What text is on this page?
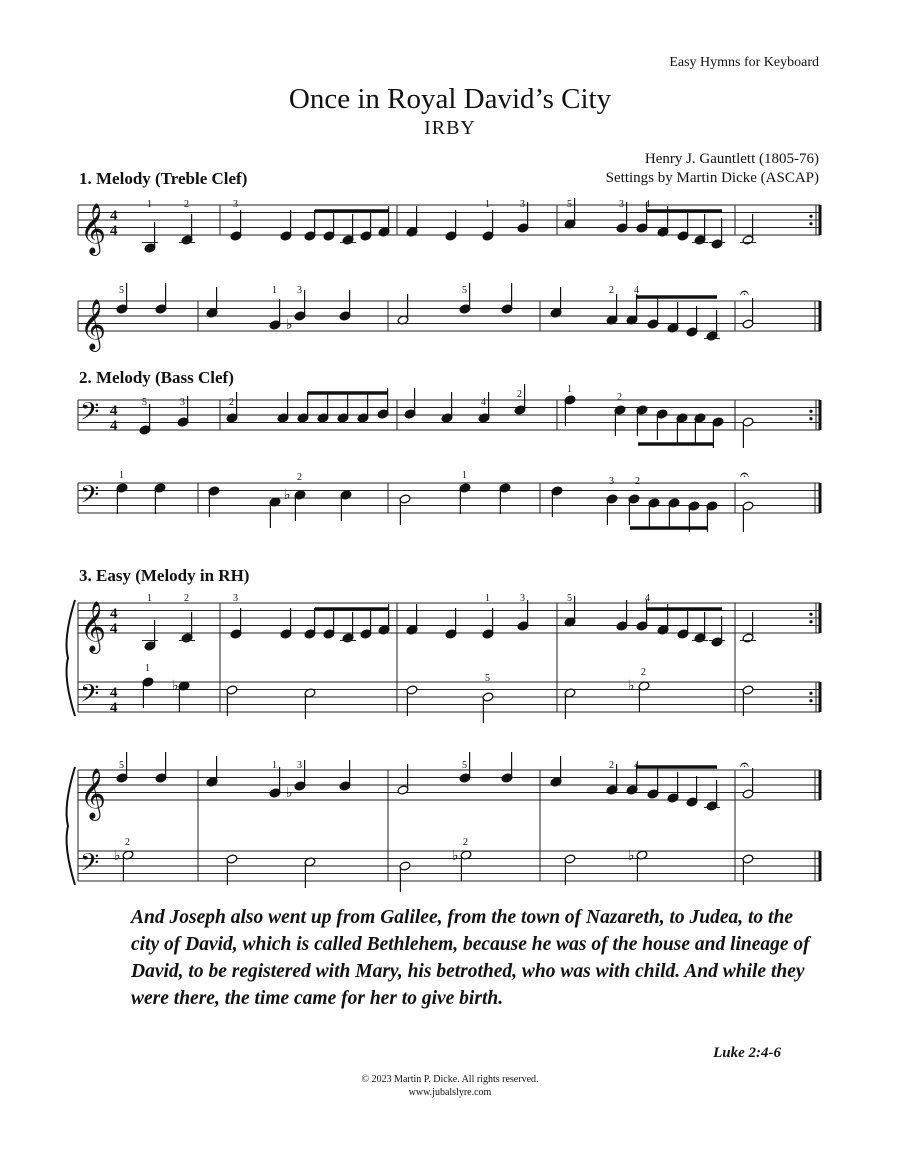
Easy Hymns for Keyboard
Once in Royal David’s City
IRBY
Henry J. Gauntlett (1805-76)
Settings by Martin Dicke (ASCAP)
1. Melody (Treble Clef)
2. Melody (Bass Clef)
3. Easy (Melody in RH)
𝄞 4
4
1	2	3	1	3	5	3 4
𝄞
5	1
♭
3	5	2 4	𝄐
𝄢 4
4
5	3	2	4
2	1
2
𝄢
1
♭
2	1
3 2	𝄐
𝄞 4
4
1	2	3	1	3	5	4
𝄢 4
4
1
♭
5
♭
2
𝄞
5	1
♭
3	5	2 4	𝄐
𝄢 ♭
2
♭
2
♭
And Joseph also went up from Galilee, from the town of Nazareth, to Judea, to the city of David, which is called Bethlehem, because he was of the house and lineage of David, to be registered with Mary, his betrothed, who was with child. And while they were there, the time came for her to give birth.
Luke 2:4-6
© 2023 Martin P. Dicke. All rights reserved.
www.jubalslyre.com
